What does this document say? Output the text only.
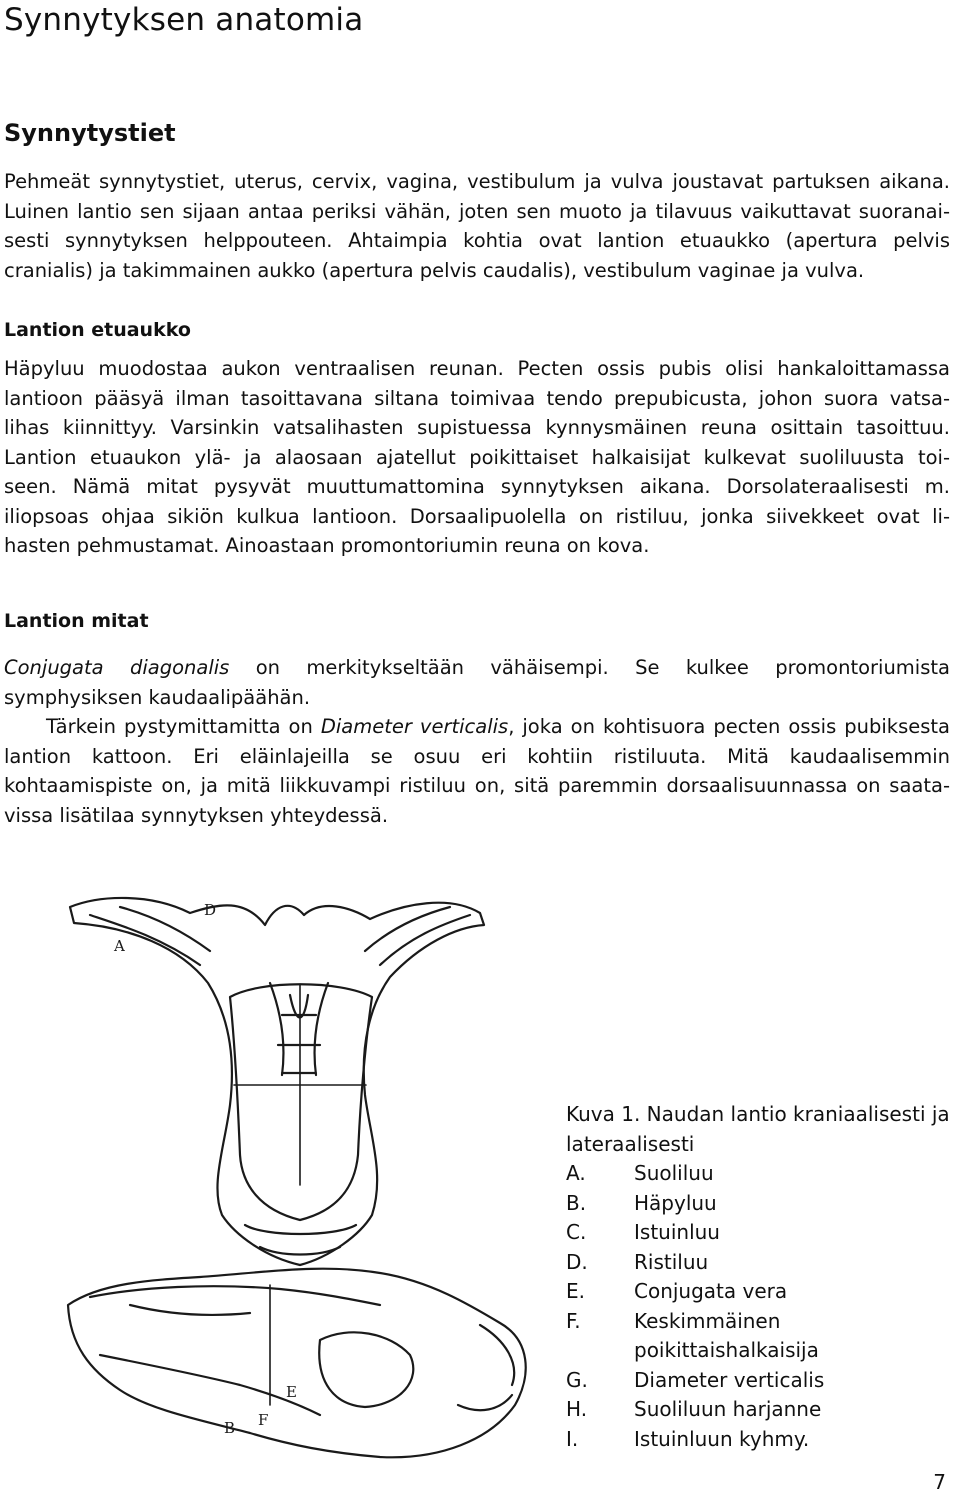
Synnytyksen anatomia
Synnytystiet

Pehmeät synnytystiet, uterus, cervix, vagina, vestibulum ja vulva joustavat partuksen aikana.
Luinen lantio sen sijaan antaa periksi vähän, joten sen muoto ja tilavuus vaikuttavat suoranai-
sesti synnytyksen helppouteen. Ahtaimpia kohtia ovat lantion etuaukko (apertura pelvis
cranialis) ja takimmainen aukko (apertura pelvis caudalis), vestibulum vaginae ja vulva.

Lantion etuaukko

Häpyluu muodostaa aukon ventraalisen reunan. Pecten ossis pubis olisi hankaloittamassa
lantioon pääsyä ilman tasoittavana siltana toimivaa tendo prepubicusta, johon suora vatsa-
lihas kiinnittyy. Varsinkin vatsalihasten supistuessa kynnysmäinen reuna osittain tasoittuu.
Lantion etuaukon ylä- ja alaosaan ajatellut poikittaiset halkaisijat kulkevat suoliluusta toi-
seen. Nämä mitat pysyvät muuttumattomina synnytyksen aikana. Dorsolateraalisesti m.
iliopsoas ohjaa sikiön kulkua lantioon. Dorsaalipuolella on ristiluu, jonka siivekkeet ovat li-
hasten pehmustamat. Ainoastaan promontoriumin reuna on kova.

Lantion mitat

Conjugata diagonalis on merkitykseltään vähäisempi. Se kulkee promontoriumista
symphysiksen kaudaalipäähän.
Tärkein pystymittamitta on Diameter verticalis, joka on kohtisuora pecten ossis pubiksesta
lantion kattoon. Eri eläinlajeilla se osuu eri kohtiin ristiluuta. Mitä kaudaalisemmin
kohtaamispiste on, ja mitä liikkuvampi ristiluu on, sitä paremmin dorsaalisuunnassa on saata-
vissa lisätilaa synnytyksen yhteydessä.

A
D
E
B F
Kuva 1. Naudan lantio kraniaalisesti ja
lateraalisesti
A.	Suoliluu
B.	Häpyluu
C.	Istuinluu
D.	Ristiluu
E.	Conjugata vera
F.	Keskimmäinen poikittaishalkaisija
G.	Diameter verticalis
H.	Suoliluun harjanne
I.	Istuinluun kyhmy.
7
